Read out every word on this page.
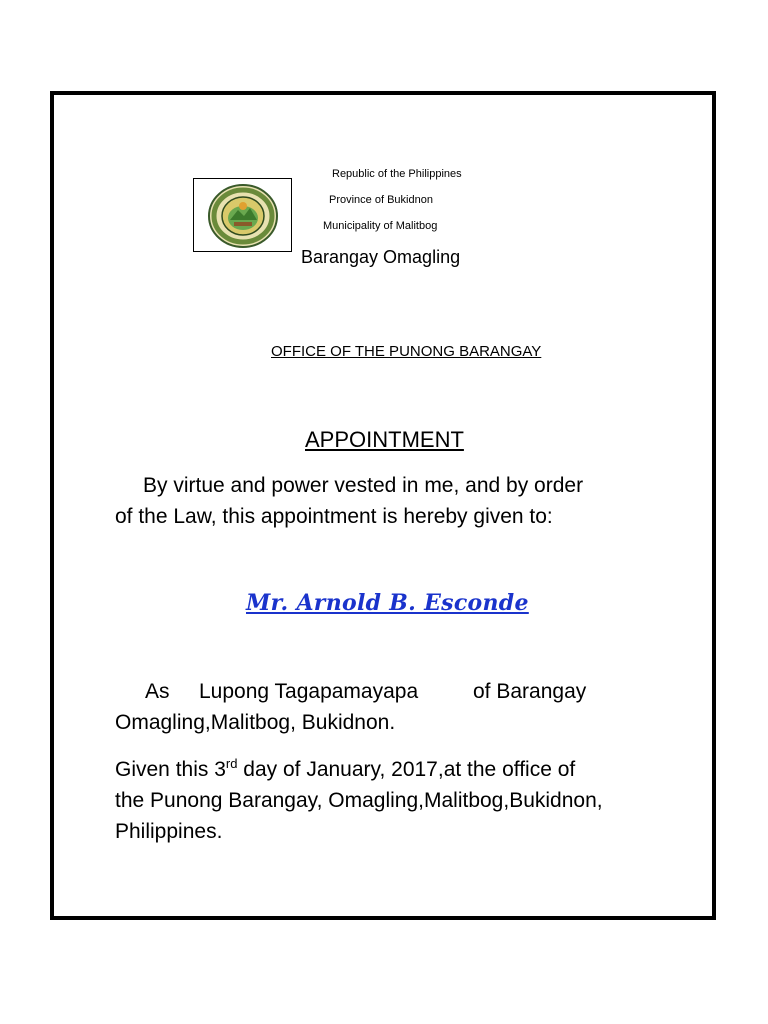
Republic of the Philippines
Province of Bukidnon
Municipality of Malitbog
Barangay Omagling
OFFICE OF THE PUNONG BARANGAY
APPOINTMENT
By virtue and power vested in me, and by order
of the Law, this appointment is hereby given to:
Mr. Arnold B. Esconde
As Lupong Tagapamayapa	of Barangay
Omagling,Malitbog, Bukidnon.
Given this 3rd day of January, 2017,at the office of
the Punong Barangay, Omagling,Malitbog,Bukidnon,
Philippines.
